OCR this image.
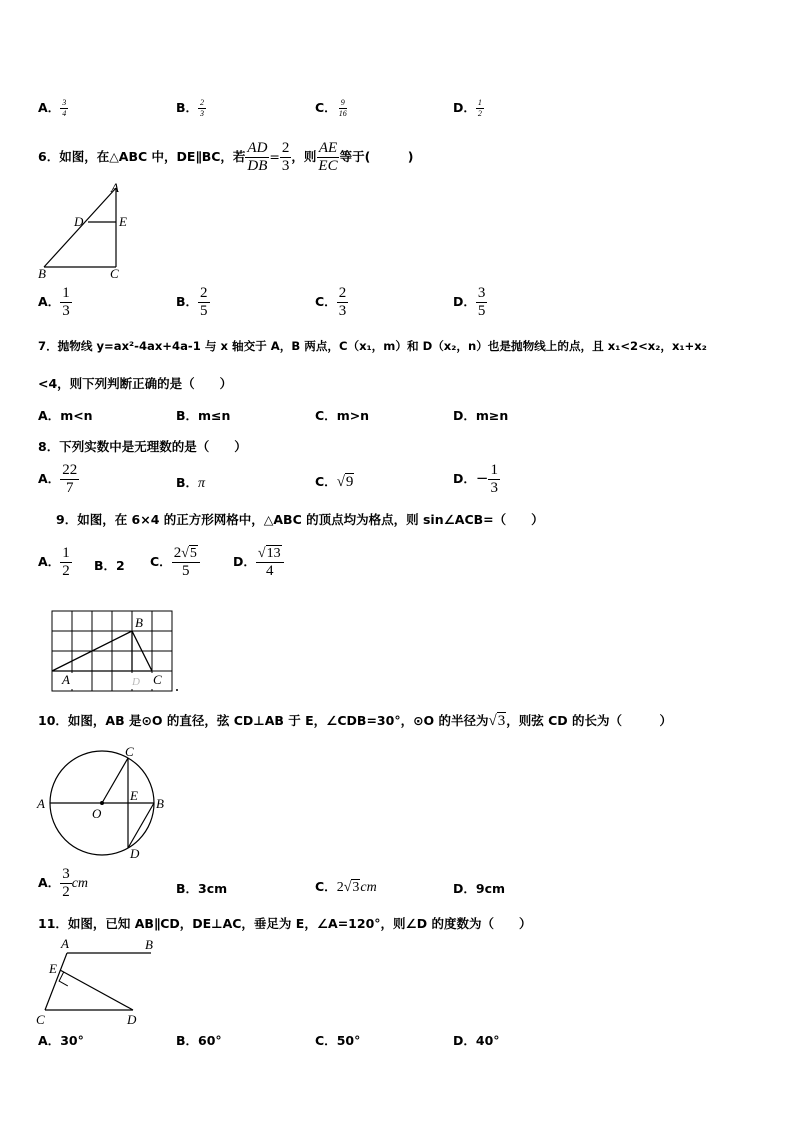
A． $\frac{3}{4}$	B． $\frac{2}{3}$	C． $\frac{9}{16}$	D． $\frac{1}{2}$
6．如图，在△ABC 中，DE∥BC，若 $\frac{AD}{DB} = \frac{2}{3}$ ，则 $\frac{AE}{EC}$ 等于(　　　)
A
D	E
B	C
A． $\frac{1}{3}$	B． $\frac{2}{5}$	C． $\frac{2}{3}$	D． $\frac{3}{5}$
7．抛物线 y=ax²-4ax+4a-1 与 x 轴交于 A，B 两点，C（x₁，m）和 D（x₂，n）也是抛物线上的点，且 x₁<2<x₂，x₁+x₂
<4，则下列判断正确的是（　　）
A．m<n	B．m≤n	C．m>n	D．m≥n
8．下列实数中是无理数的是（　　）
A． $\frac{22}{7}$	B．π	C．√9	D．− $\frac{1}{3}$
9．如图，在 6×4 的正方形网格中，△ABC 的顶点均为格点，则 sin∠ACB=（　　）
A． $\frac{1}{2}$ B．2 C． $\frac{2√5}{5}$	D． $\frac{√13}{4}$
B
A	D C
10．如图，AB 是⊙O 的直径，弦 CD⊥AB 于 E，∠CDB=30°，⊙O 的半径为√3，则弦 CD 的长为（　　　）
C
A	B
E
O
D
A． $\frac{3}{2}$ cm	B．3cm	C．2√3cm	D．9cm
11．如图，已知 AB∥CD，DE⊥AC，垂足为 E，∠A=120°，则∠D 的度数为（　　）
A	B
E
C	D
A．30°	B．60°	C．50°	D．40°
